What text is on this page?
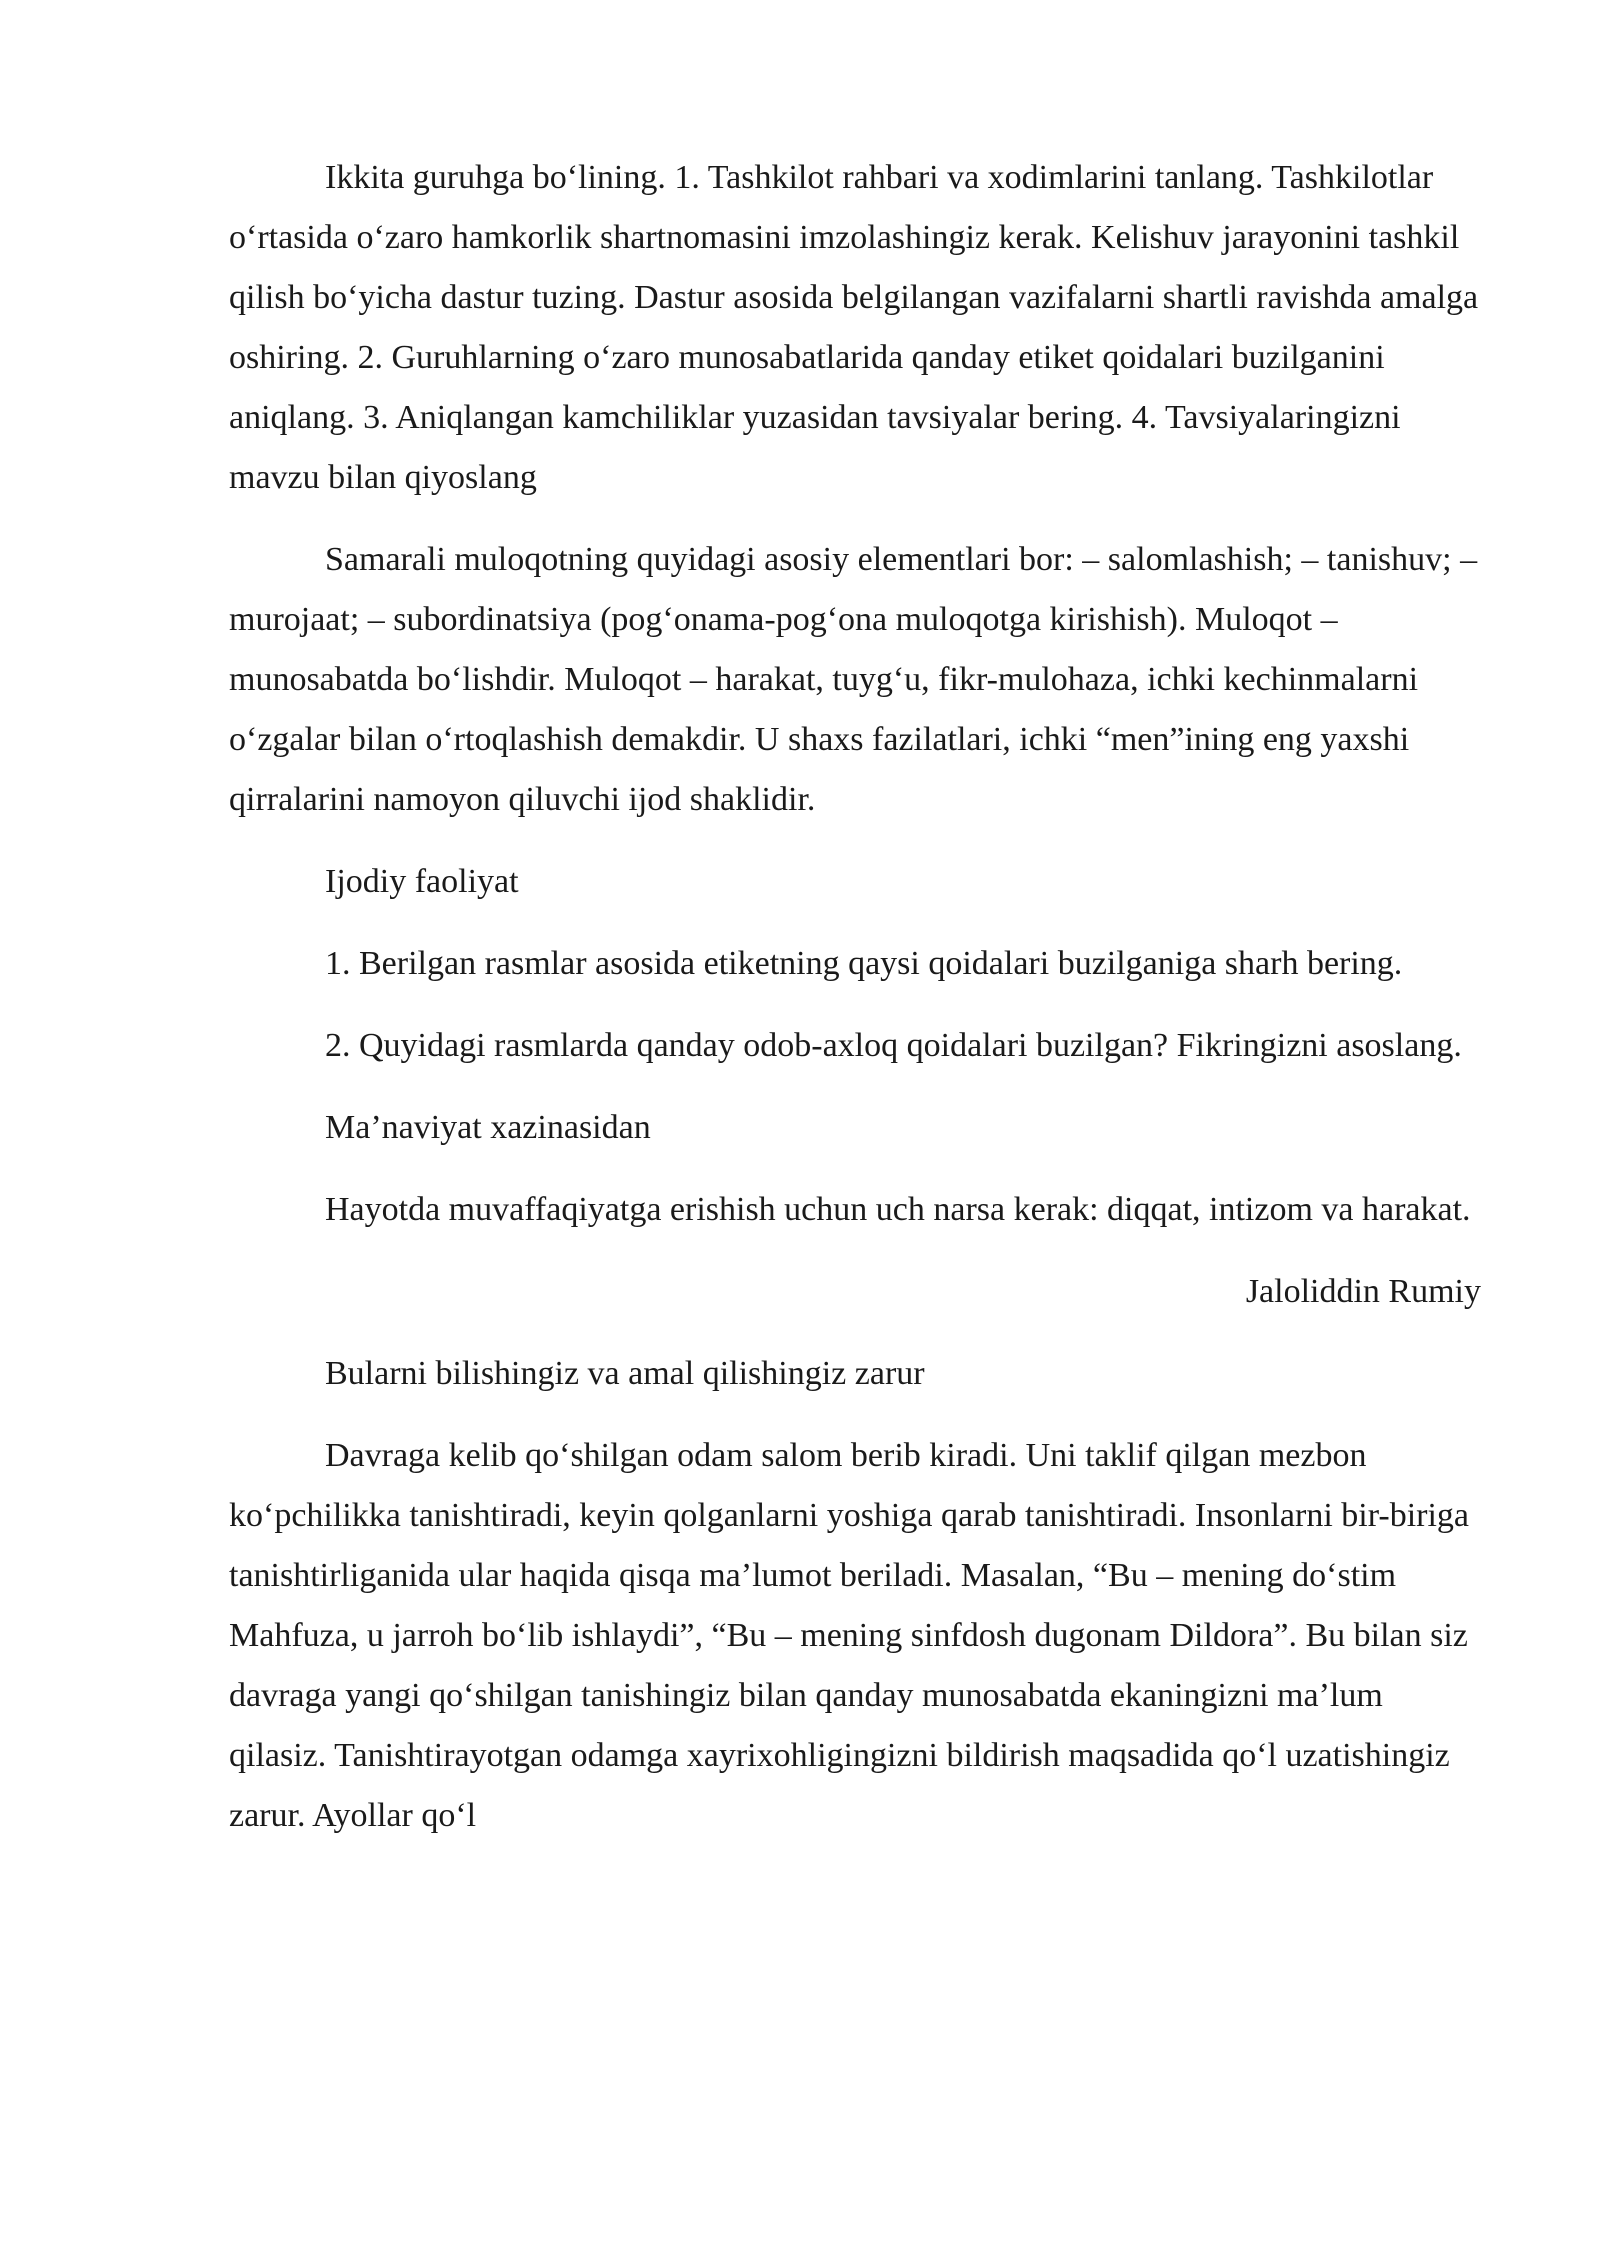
Ikkita guruhga bo‘lining. 1. Tashkilot rahbari va xodimlarini tanlang. Tashkilotlar o‘rtasida o‘zaro hamkorlik shartnomasini imzolashingiz kerak. Kelishuv jarayonini tashkil qilish bo‘yicha dastur tuzing. Dastur asosida belgilangan vazifalarni shartli ravishda amalga oshiring. 2. Guruhlarning o‘zaro munosabatlarida qanday etiket qoidalari buzilganini aniqlang. 3. Aniqlangan kamchiliklar yuzasidan tavsiyalar bering. 4. Tavsiyalaringizni mavzu bilan qiyoslang

Samarali muloqotning quyidagi asosiy elementlari bor: – salomlashish; – tanishuv; – murojaat; – subordinatsiya (pog‘onama-pog‘ona muloqotga kirishish). Muloqot – munosabatda bo‘lishdir. Muloqot – harakat, tuyg‘u, fikr-mulohaza, ichki kechinmalarni o‘zgalar bilan o‘rtoqlashish demakdir. U shaxs fazilatlari, ichki “men”ining eng yaxshi qirralarini namoyon qiluvchi ijod shaklidir.

Ijodiy faoliyat

1. Berilgan rasmlar asosida etiketning qaysi qoidalari buzilganiga sharh bering.

2. Quyidagi rasmlarda qanday odob-axloq qoidalari buzilgan? Fikringizni asoslang.

Ma’naviyat xazinasidan

Hayotda muvaffaqiyatga erishish uchun uch narsa kerak: diqqat, intizom va harakat.

Jaloliddin Rumiy

Bularni bilishingiz va amal qilishingiz zarur

Davraga kelib qo‘shilgan odam salom berib kiradi. Uni taklif qilgan mezbon ko‘pchilikka tanishtiradi, keyin qolganlarni yoshiga qarab tanishtiradi. Insonlarni bir-biriga tanishtirliganida ular haqida qisqa ma’lumot beriladi. Masalan, “Bu – mening do‘stim Mahfuza, u jarroh bo‘lib ishlaydi”, “Bu – mening sinfdosh dugonam Dildora”. Bu bilan siz davraga yangi qo‘shilgan tanishingiz bilan qanday munosabatda ekaningizni ma’lum qilasiz. Tanishtirayotgan odamga xayrixohligingizni bildirish maqsadida qo‘l uzatishingiz zarur. Ayollar qo‘l
